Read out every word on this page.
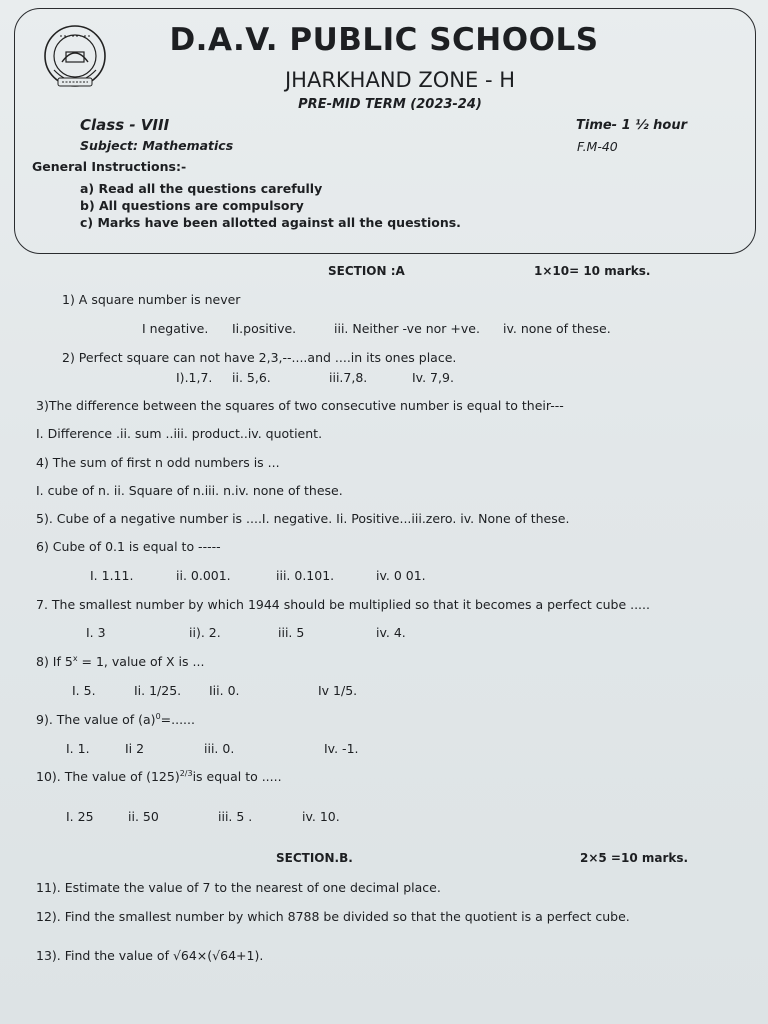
D.A.V. PUBLIC SCHOOLS
JHARKHAND ZONE - H
PRE-MID TERM (2023-24)
Class - VIII
Subject: Mathematics
Time- 1 ½ hour
F.M-40
General Instructions:-
a) Read all the questions carefully
b) All questions are compulsory
c) Marks have been allotted against all the questions.
SECTION :A	1×10= 10 marks.
1) A square number is never
I negative. Ii.positive.	iii. Neither -ve nor +ve. iv. none of these.
2) Perfect square can not have 2,3,--....and ....in its ones place.
I).1,7. ii. 5,6.	iii.7,8.	Iv. 7,9.
3)The difference between the squares of two consecutive number is equal to their---
I. Difference .ii. sum ..iii. product..iv. quotient.
4) The sum of first n odd numbers is ...
I. cube of n. ii. Square of n.iii. n.iv. none of these.
5). Cube of a negative number is ....I. negative. Ii. Positive...iii.zero. iv. None of these.
6) Cube of 0.1 is equal to -----
I. 1.11.	ii. 0.001.	iii. 0.101.	iv. 0 01.
7. The smallest number by which 1944 should be multiplied so that it becomes a perfect cube .....
I. 3	ii). 2.	iii. 5	iv. 4.
8) If $5^x = 1$, value of X is ...
I. 5.	Ii. 1/25. Iii. 0.	Iv 1/5.
9). The value of $(a)^0=$......
I. 1.	Ii 2	iii. 0.	Iv. -1.
10). The value of $(125)^{2/3}is$ equal to .....
I. 25	ii. 50	iii. 5 .	iv. 10.
SECTION.B.	2×5 =10 marks.
11). Estimate the value of 7 to the nearest of one decimal place.
12). Find the smallest number by which 8788 be divided so that the quotient is a perfect cube.
13). Find the value of √64×(√64+1).
